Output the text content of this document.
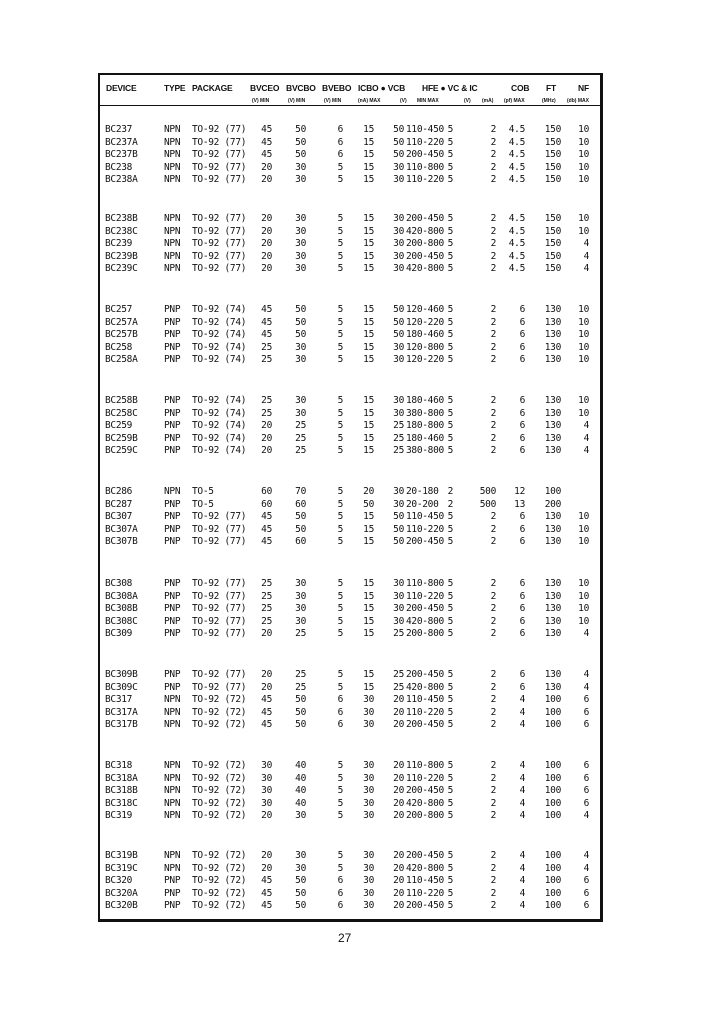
DEVICE	TYPE PACKAGE BVCEO BVCBO BVEBO ICBO ● VCB HFE ● VC & IC	COB FT	NF
(V) MIN	(V) MIN	(V) MIN	(nA) MAX	(V) MIN MAX	(V) (mA) (pf) MAX	(MHz) (db) MAX
BC237	NPN TO-92 (77)	45	50	6	15	50 110-450 5	2	4.5	150	10
BC237A	NPN TO-92 (77)	45	50	6	15	50 110-220 5	2	4.5	150	10
BC237B	NPN TO-92 (77)	45	50	6	15	50 200-450 5	2	4.5	150	10
BC238	NPN TO-92 (77)	20	30	5	15	30 110-800 5	2	4.5	150	10
BC238A	NPN TO-92 (77)	20	30	5	15	30 110-220 5	2	4.5	150	10
BC238B	NPN TO-92 (77)	20	30	5	15	30 200-450 5	2	4.5	150	10
BC238C	NPN TO-92 (77)	20	30	5	15	30 420-800 5	2	4.5	150	10
BC239	NPN TO-92 (77)	20	30	5	15	30 200-800 5	2	4.5	150	4
BC239B	NPN TO-92 (77)	20	30	5	15	30 200-450 5	2	4.5	150	4
BC239C	NPN TO-92 (77)	20	30	5	15	30 420-800 5	2	4.5	150	4
BC257	PNP TO-92 (74)	45	50	5	15	50 120-460 5	2	6	130	10
BC257A	PNP TO-92 (74)	45	50	5	15	50 120-220 5	2	6	130	10
BC257B	PNP TO-92 (74)	45	50	5	15	50 180-460 5	2	6	130	10
BC258	PNP TO-92 (74)	25	30	5	15	30 120-800 5	2	6	130	10
BC258A	PNP TO-92 (74)	25	30	5	15	30 120-220 5	2	6	130	10
BC258B	PNP TO-92 (74)	25	30	5	15	30 180-460 5	2	6	130	10
BC258C	PNP TO-92 (74)	25	30	5	15	30 380-800 5	2	6	130	10
BC259	PNP TO-92 (74)	20	25	5	15	25 180-800 5	2	6	130	4
BC259B	PNP TO-92 (74)	20	25	5	15	25 180-460 5	2	6	130	4
BC259C	PNP TO-92 (74)	20	25	5	15	25 380-800 5	2	6	130	4
BC286	NPN TO-5	60	70	5	20	30 20-180 2	500	12	100
BC287	PNP TO-5	60	60	5	50	30 20-200 2	500	13	200
BC307	PNP TO-92 (77)	45	50	5	15	50 110-450 5	2	6	130	10
BC307A	PNP TO-92 (77)	45	50	5	15	50 110-220 5	2	6	130	10
BC307B	PNP TO-92 (77)	45	60	5	15	50 200-450 5	2	6	130	10
BC308	PNP TO-92 (77)	25	30	5	15	30 110-800 5	2	6	130	10
BC308A	PNP TO-92 (77)	25	30	5	15	30 110-220 5	2	6	130	10
BC308B	PNP TO-92 (77)	25	30	5	15	30 200-450 5	2	6	130	10
BC308C	PNP TO-92 (77)	25	30	5	15	30 420-800 5	2	6	130	10
BC309	PNP TO-92 (77)	20	25	5	15	25 200-800 5	2	6	130	4
BC309B	PNP TO-92 (77)	20	25	5	15	25 200-450 5	2	6	130	4
BC309C	PNP TO-92 (77)	20	25	5	15	25 420-800 5	2	6	130	4
BC317	NPN TO-92 (72)	45	50	6	30	20 110-450 5	2	4	100	6
BC317A	NPN TO-92 (72)	45	50	6	30	20 110-220 5	2	4	100	6
BC317B	NPN TO-92 (72)	45	50	6	30	20 200-450 5	2	4	100	6
BC318	NPN TO-92 (72)	30	40	5	30	20 110-800 5	2	4	100	6
BC318A	NPN TO-92 (72)	30	40	5	30	20 110-220 5	2	4	100	6
BC318B	NPN TO-92 (72)	30	40	5	30	20 200-450 5	2	4	100	6
BC318C	NPN TO-92 (72)	30	40	5	30	20 420-800 5	2	4	100	6
BC319	NPN TO-92 (72)	20	30	5	30	20 200-800 5	2	4	100	4
BC319B	NPN TO-92 (72)	20	30	5	30	20 200-450 5	2	4	100	4
BC319C	NPN TO-92 (72)	20	30	5	30	20 420-800 5	2	4	100	4
BC320	PNP TO-92 (72)	45	50	6	30	20 110-450 5	2	4	100	6
BC320A	PNP TO-92 (72)	45	50	6	30	20 110-220 5	2	4	100	6
BC320B	PNP TO-92 (72)	45	50	6	30	20 200-450 5	2	4	100	6
27
